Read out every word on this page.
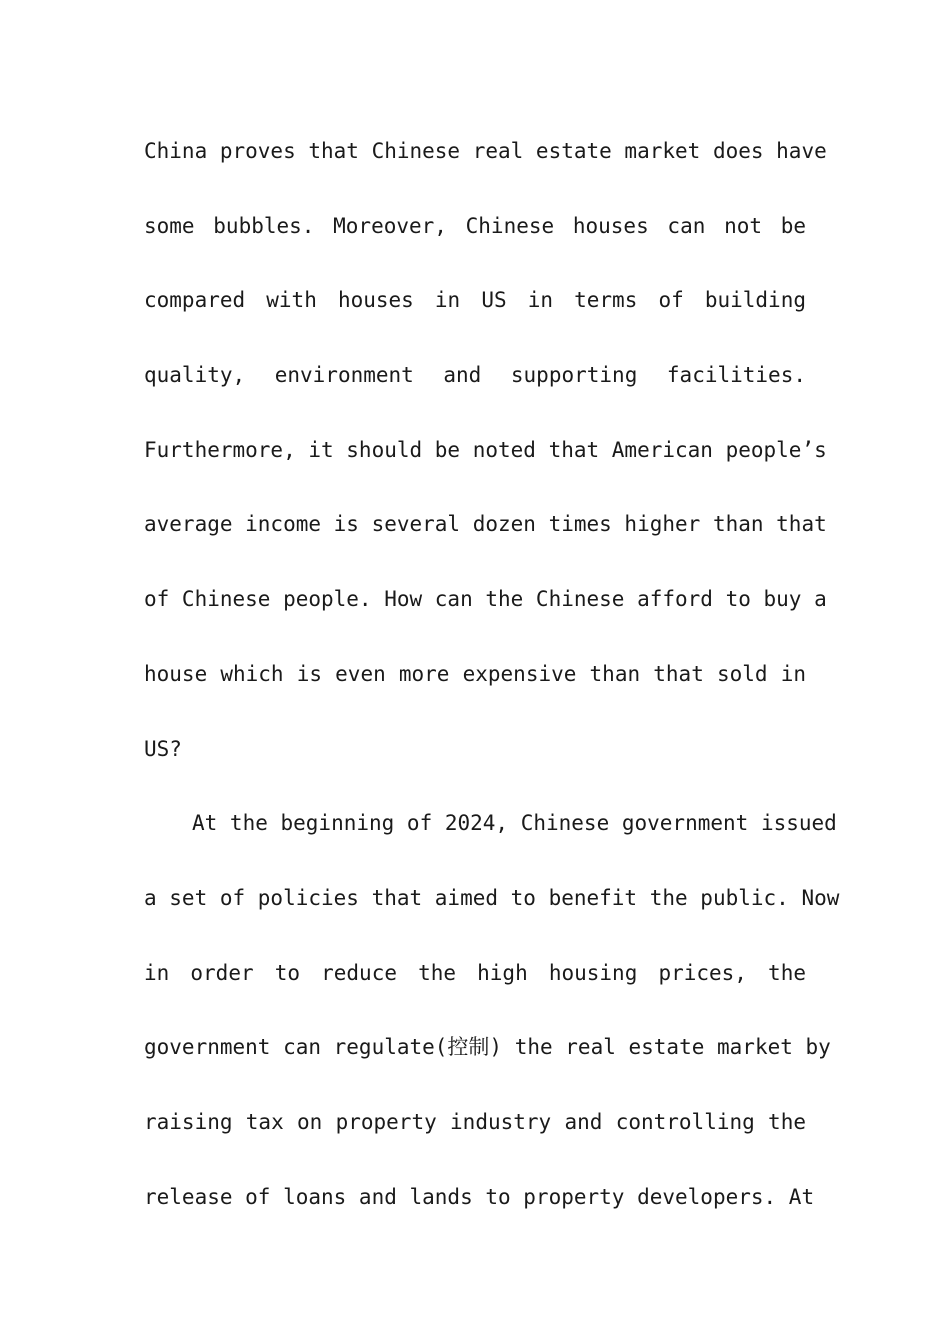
China proves that Chinese real estate market does have
some bubbles. Moreover, Chinese houses can not be
compared with houses in US in terms of building
quality, environment and supporting facilities.
Furthermore, it should be noted that American people’s
average income is several dozen times higher than that
of Chinese people. How can the Chinese afford to buy a
house which is even more expensive than that sold in
US?
At the beginning of 2024, Chinese government issued
a set of policies that aimed to benefit the public. Now
in order to reduce the high housing prices, the
government can regulate(控制) the real estate market by
raising tax on property industry and controlling the
release of loans and lands to property developers. At
